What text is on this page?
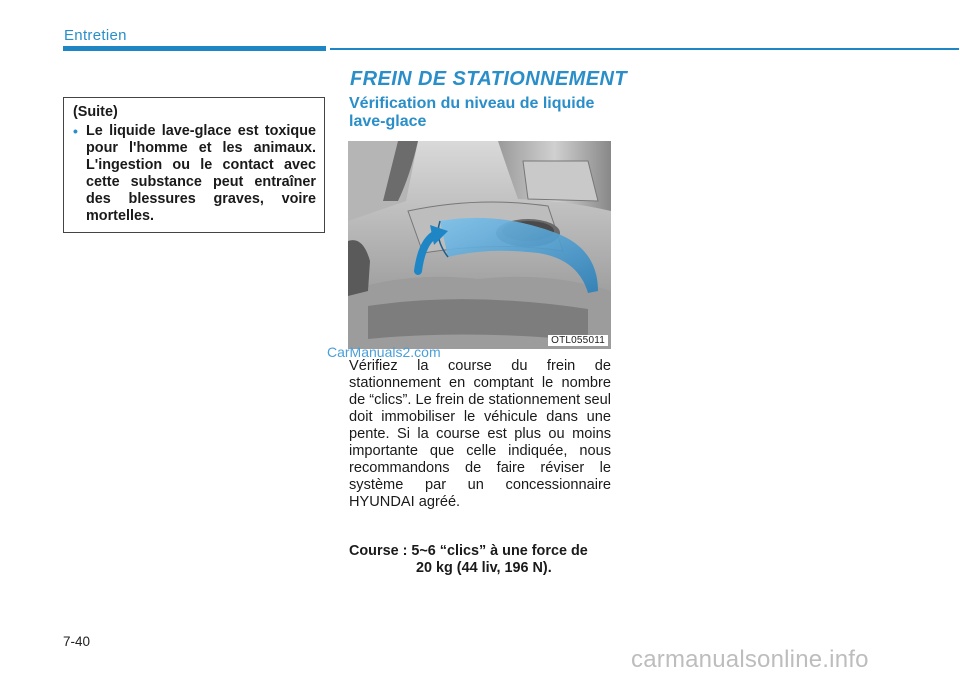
Entretien
(Suite)
• Le liquide lave-glace est toxique pour l'homme et les animaux. L'ingestion ou le contact avec cette substance peut entraîner des blessures graves, voire mortelles.
FREIN DE STATIONNEMENT
Vérification du niveau de liquide lave-glace
OTL055011
CarManuals2.com
Vérifiez la course du frein de stationnement en comptant le nombre de “clics”. Le frein de stationnement seul doit immobiliser le véhicule dans une pente. Si la course est plus ou moins importante que celle indiquée, nous recommandons de faire réviser le système par un concessionnaire HYUNDAI agréé.
Course : 5~6 “clics” à une force de
20 kg (44 liv, 196 N).
7-40
carmanualsonline.info
